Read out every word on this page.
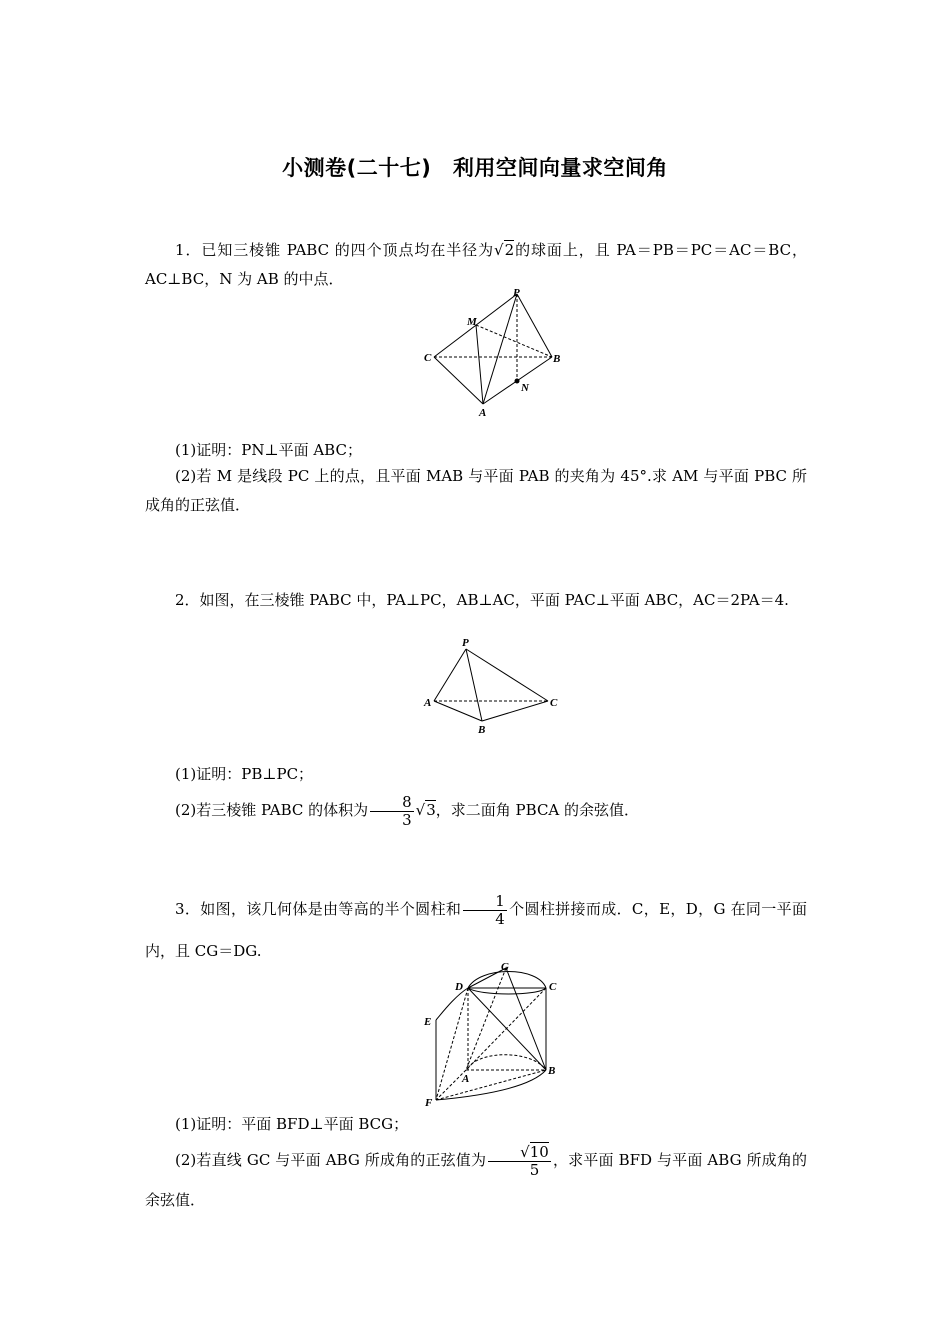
小测卷(二十七)　利用空间向量求空间角
1．已知三棱锥 PABC 的四个顶点均在半径为√2的球面上，且 PA＝PB＝PC＝AC＝BC，AC⊥BC，N 为 AB 的中点．
P
M
C	B
N
A
(1)证明：PN⊥平面 ABC；
(2)若 M 是线段 PC 上的点，且平面 MAB 与平面 PAB 的夹角为 45°.求 AM 与平面 PBC 所成角的正弦值．
2．如图，在三棱锥 PABC 中，PA⊥PC，AB⊥AC，平面 PAC⊥平面 ABC，AC＝2PA＝4.
P
A	C
B
(1)证明：PB⊥PC；
(2)若三棱锥 PABC 的体积为 $\frac{8}{3} √3$，求二面角 PBCA 的余弦值．
3．如图，该几何体是由等高的半个圆柱和 $\frac{1}{4}$ 个圆柱拼接而成．C，E，D，G 在同一平面内，且 CG＝DG.
G
D	C
E
A
B
F
(1)证明：平面 BFD⊥平面 BCG；
(2)若直线 GC 与平面 ABG 所成角的正弦值为 $\frac{√10}{5}$ ，求平面 BFD 与平面 ABG 所成角的余弦值．
